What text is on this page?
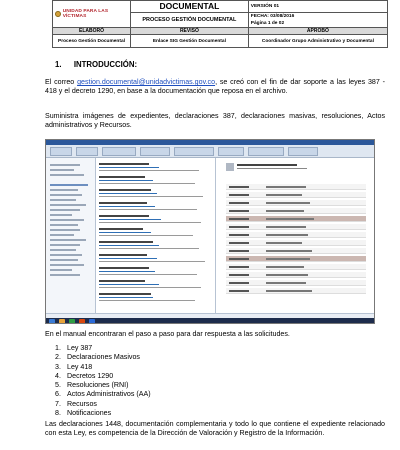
UNIDAD PARA LAS VÍCTIMAS	DOCUMENTAL	VERSIÓN 01
	PROCESO GESTIÓN DOCUMENTAL	FECHA: 03/08/2016
Página 1 de 02

ELABORÓ	REVISÓ	APROBÓ
Proceso Gestión Documental	Enlace SIG Gestión Documental	Coordinador Grupo Administrativo y Documental
1. INTRODUCCIÓN:

El correo gestion.documental@unidadvictimas.gov.co, se creó con el fin de dar soporte a las leyes 387 - 418 y el decreto 1290, en base a la documentación que reposa en el archivo.

Suministra imágenes de expedientes, declaraciones 387, declaraciones masivas, resoluciones, Actos administrativos y Recursos.

En el manual encontraran el paso a paso para dar respuesta a las solicitudes.

1. Ley 387
2. Declaraciones Masivos
3. Ley 418
4. Decretos 1290
5. Resoluciones (RNI)
6. Actos Administrativos (AA)
7. Recursos
8. Notificaciones

Las declaraciones 1448, documentación complementaria y todo lo que contiene el expediente relacionado con esta Ley, es competencia de la Dirección de Valoración y Registro de la Información.
